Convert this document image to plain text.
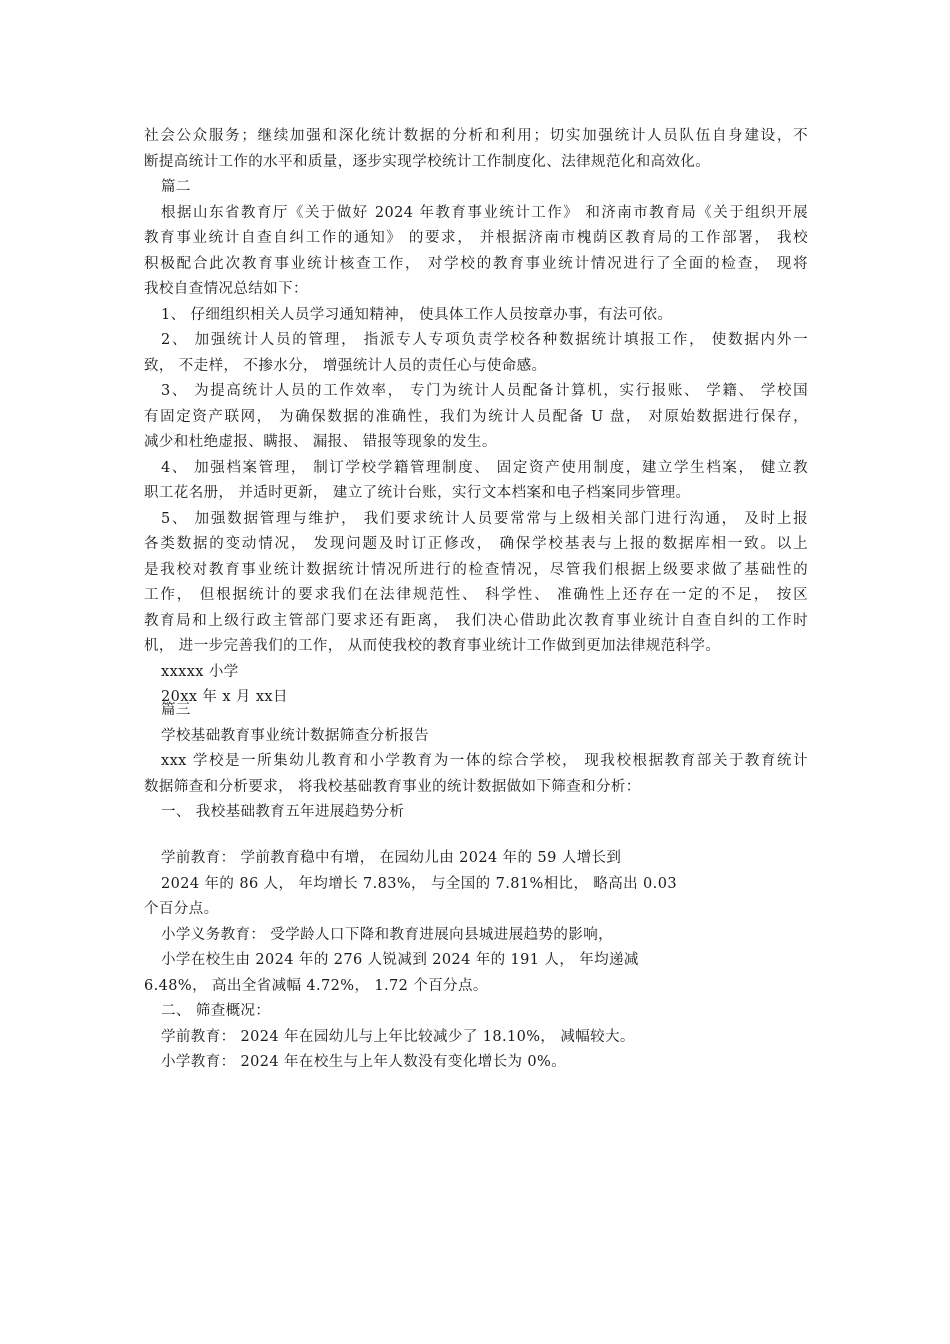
社会公众服务；继续加强和深化统计数据的分析和利用；切实加强统计人员队伍自身建设，不
断提高统计工作的水平和质量，逐步实现学校统计工作制度化、法律规范化和高效化。
篇二
根据山东省教育厅《关于做好 2024 年教育事业统计工作》 和济南市教育局《关于组织开展
教育事业统计自查自纠工作的通知》 的要求， 并根据济南市槐荫区教育局的工作部署， 我校
积极配合此次教育事业统计核查工作， 对学校的教育事业统计情况进行了全面的检查， 现将
我校自查情况总结如下：
1、 仔细组织相关人员学习通知精神， 使具体工作人员按章办事，有法可依。
2、 加强统计人员的管理， 指派专人专项负责学校各种数据统计填报工作， 使数据内外一
致， 不走样， 不掺水分， 增强统计人员的责任心与使命感。
3、 为提高统计人员的工作效率， 专门为统计人员配备计算机，实行报账、 学籍、 学校国
有固定资产联网， 为确保数据的准确性，我们为统计人员配备 U 盘， 对原始数据进行保存，
减少和杜绝虚报、瞒报、 漏报、 错报等现象的发生。
4、 加强档案管理， 制订学校学籍管理制度、 固定资产使用制度，建立学生档案， 健立教
职工花名册， 并适时更新， 建立了统计台账，实行文本档案和电子档案同步管理。
5、 加强数据管理与维护， 我们要求统计人员要常常与上级相关部门进行沟通， 及时上报
各类数据的变动情况， 发现问题及时订正修改， 确保学校基表与上报的数据库相一致。以上
是我校对教育事业统计数据统计情况所进行的检查情况，尽管我们根据上级要求做了基础性的
工作， 但根据统计的要求我们在法律规范性、 科学性、 准确性上还存在一定的不足， 按区
教育局和上级行政主管部门要求还有距离， 我们决心借助此次教育事业统计自查自纠的工作时
机， 进一步完善我们的工作， 从而使我校的教育事业统计工作做到更加法律规范科学。
xxxxx 小学
20xx 年 x 月 xx日
篇三
学校基础教育事业统计数据筛查分析报告
xxx 学校是一所集幼儿教育和小学教育为一体的综合学校， 现我校根据教育部关于教育统计
数据筛查和分析要求， 将我校基础教育事业的统计数据做如下筛查和分析：
一、 我校基础教育五年进展趋势分析
学前教育： 学前教育稳中有增， 在园幼儿由 2024 年的 59 人增长到
2024 年的 86 人， 年均增长 7.83%， 与全国的 7.81%相比， 略高出 0.03
个百分点。
小学义务教育： 受学龄人口下降和教育进展向县城进展趋势的影响，
小学在校生由 2024 年的 276 人锐减到 2024 年的 191 人， 年均递减
6.48%， 高出全省减幅 4.72%， 1.72 个百分点。
二、 筛查概况：
学前教育： 2024 年在园幼儿与上年比较减少了 18.10%， 减幅较大。
小学教育： 2024 年在校生与上年人数没有变化增长为 0%。
